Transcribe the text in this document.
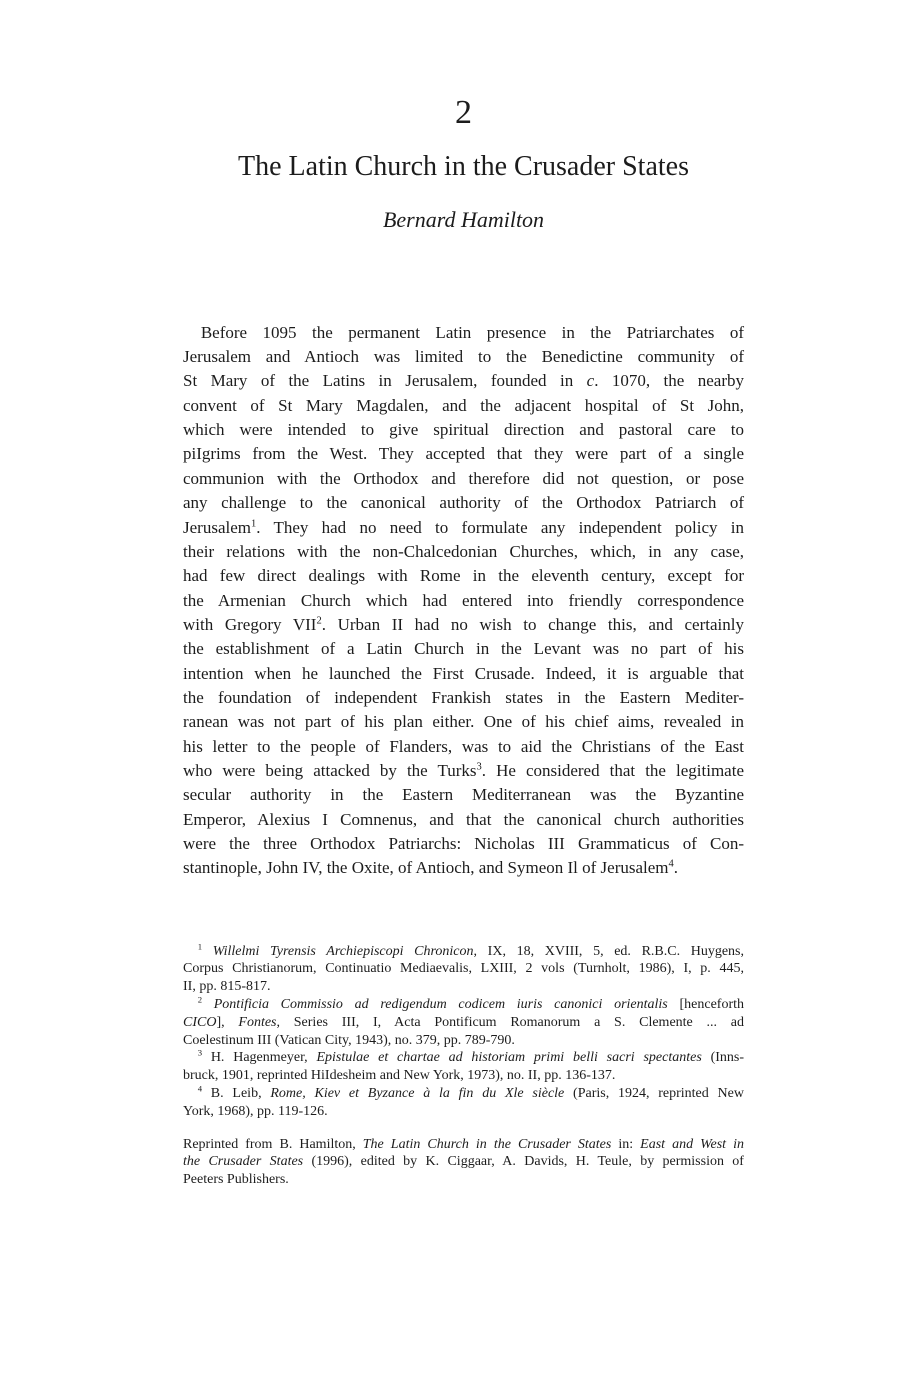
2
The Latin Church in the Crusader States
Bernard Hamilton
Before 1095 the permanent Latin presence in the Patriarchates of
Jerusalem and Antioch was limited to the Benedictine community of
St Mary of the Latins in Jerusalem, founded in c. 1070, the nearby
convent of St Mary Magdalen, and the adjacent hospital of St John,
which were intended to give spiritual direction and pastoral care to
piIgrims from the West. They accepted that they were part of a single
communion with the Orthodox and therefore did not question, or pose
any challenge to the canonical authority of the Orthodox Patriarch of
Jerusalem$^1$. They had no need to formulate any independent policy in
their relations with the non-Chalcedonian Churches, which, in any case,
had few direct dealings with Rome in the eleventh century, except for
the Armenian Church which had entered into friendly correspondence
with Gregory VII$^2$. Urban II had no wish to change this, and certainly
the establishment of a Latin Church in the Levant was no part of his
intention when he launched the First Crusade. Indeed, it is arguable that
the foundation of independent Frankish states in the Eastern Mediter-
ranean was not part of his plan either. One of his chief aims, revealed in
his letter to the people of Flanders, was to aid the Christians of the East
who were being attacked by the Turks$^3$. He considered that the legitimate
secular authority in the Eastern Mediterranean was the Byzantine
Emperor, Alexius I Comnenus, and that the canonical church authorities
were the three Orthodox Patriarchs: Nicholas III Grammaticus of Con-
stantinople, John IV, the Oxite, of Antioch, and Symeon Il of Jerusalem$^4$.
$^1$ Willelmi Tyrensis Archiepiscopi Chronicon, IX, 18, XVIII, 5, ed. R.B.C. Huygens,
Corpus Christianorum, Continuatio Mediaevalis, LXIII, 2 vols (Turnholt, 1986), I, p. 445,
II, pp. 815-817.
$^2$ Pontificia Commissio ad redigendum codicem iuris canonici orientalis [henceforth
CICO], Fontes, Series III, I, Acta Pontificum Romanorum a S. Clemente ... ad
Coelestinum III (Vatican City, 1943), no. 379, pp. 789-790.
$^3$ H. Hagenmeyer, Epistulae et chartae ad historiam primi belli sacri spectantes (Inns-
bruck, 1901, reprinted HiIdesheim and New York, 1973), no. II, pp. 136-137.
$^4$ B. Leib, Rome, Kiev et Byzance à la fin du Xle siècle (Paris, 1924, reprinted New
York, 1968), pp. 119-126.
Reprinted from B. Hamilton, The Latin Church in the Crusader States in: East and West in
the Crusader States (1996), edited by K. Ciggaar, A. Davids, H. Teule, by permission of
Peeters Publishers.
